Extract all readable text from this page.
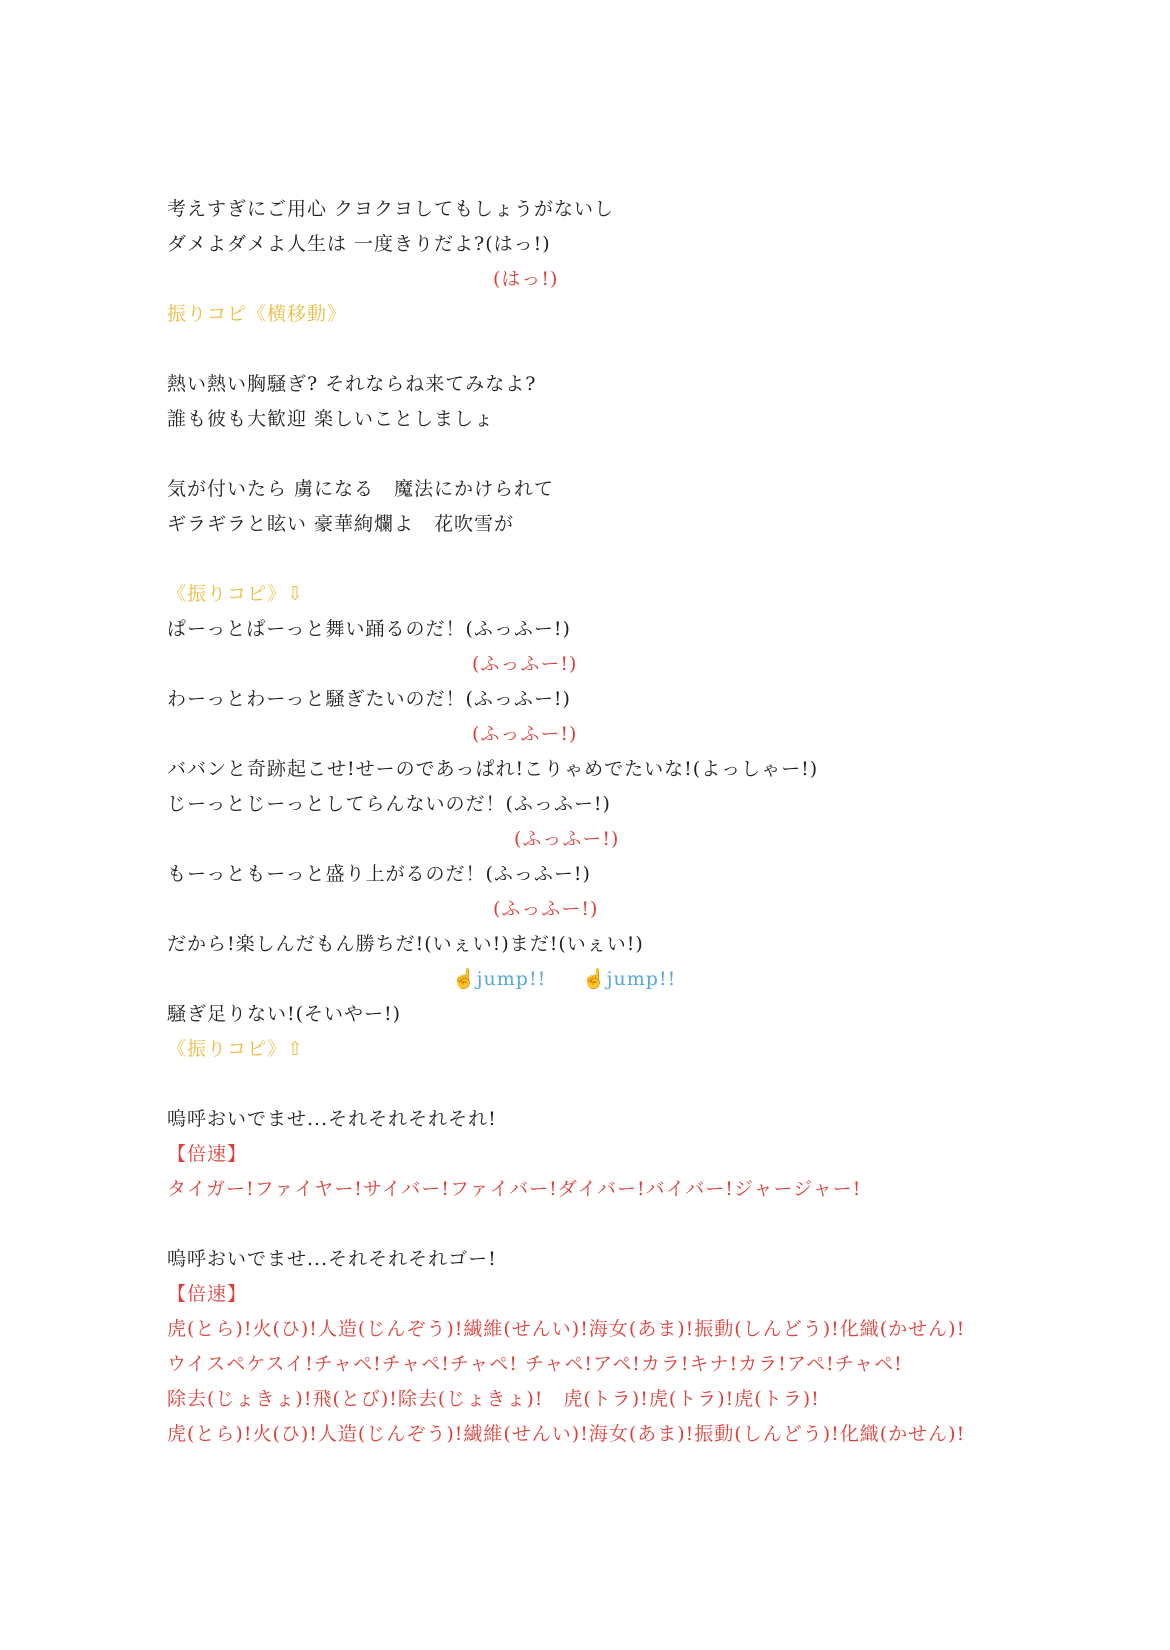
考えすぎにご用心 クヨクヨしてもしょうがないし
ダメよダメよ人生は 一度きりだよ?(はっ!)
(はっ!)
振りコピ《横移動》
熱い熱い胸騒ぎ? それならね来てみなよ?
誰も彼も大歓迎 楽しいことしましょ
気が付いたら 虜になる　魔法にかけられて
ギラギラと眩い 豪華絢爛よ　花吹雪が
《振りコピ》⇩
ぱーっとぱーっと舞い踊るのだ！(ふっふー!)
(ふっふー!)
わーっとわーっと騒ぎたいのだ！(ふっふー!)
(ふっふー!)
ババンと奇跡起こせ!せーのであっぱれ!こりゃめでたいな!(よっしゃー!)
じーっとじーっとしてらんないのだ！(ふっふー!)
(ふっふー!)
もーっともーっと盛り上がるのだ！(ふっふー!)
(ふっふー!)
だから!楽しんだもん勝ちだ!(いぇい!)まだ!(いぇい!)
☝jump!! ☝jump!!
騒ぎ足りない!(そいやー!)
《振りコピ》⇧
嗚呼おいでませ...それそれそれそれ!
【倍速】
タイガー!ファイヤー!サイバー!ファイバー!ダイバー!バイバー!ジャージャー!
嗚呼おいでませ...それそれそれゴー!
【倍速】
虎(とら)!火(ひ)!人造(じんぞう)!繊維(せんい)!海女(あま)!振動(しんどう)!化織(かせん)!
ウイスペケスイ!チャペ!チャペ!チャペ! チャペ!アペ!カラ!キナ!カラ!アペ!チャペ!
除去(じょきょ)!飛(とび)!除去(じょきょ)!　虎(トラ)!虎(トラ)!虎(トラ)!
虎(とら)!火(ひ)!人造(じんぞう)!繊維(せんい)!海女(あま)!振動(しんどう)!化織(かせん)!
